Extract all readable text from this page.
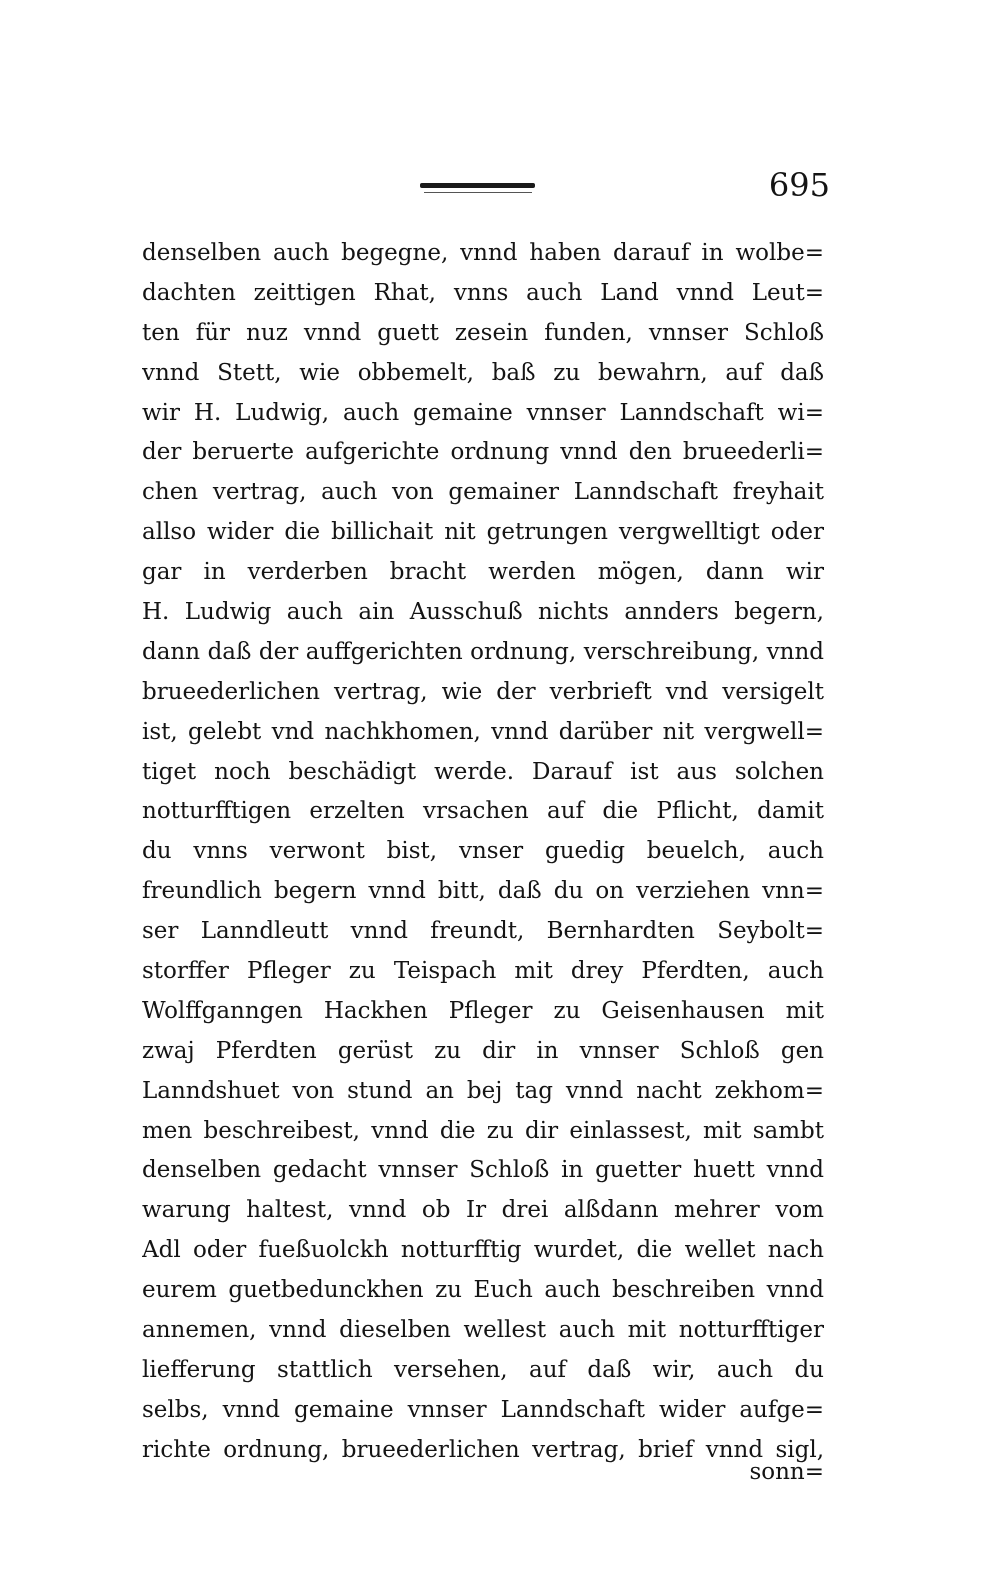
695
denselben auch begegne, vnnd haben darauf in wolbe=
dachten zeittigen Rhat, vnns auch Land vnnd Leut=
ten für nuz vnnd guett zesein funden, vnnser Schloß
vnnd Stett, wie obbemelt, baß zu bewahrn, auf daß
wir H. Ludwig, auch gemaine vnnser Lanndschaft wi=
der beruerte aufgerichte ordnung vnnd den brueederli=
chen vertrag, auch von gemainer Lanndschaft freyhait
allso wider die billichait nit getrungen vergwelltigt oder
gar in verderben bracht werden mögen, dann wir
H. Ludwig auch ain Ausschuß nichts annders begern,
dann daß der auffgerichten ordnung, verschreibung, vnnd
brueederlichen vertrag, wie der verbrieft vnd versigelt
ist, gelebt vnd nachkhomen, vnnd darüber nit vergwell=
tiget noch beschädigt werde. Darauf ist aus solchen
notturfftigen erzelten vrsachen auf die Pflicht, damit
du vnns verwont bist, vnser guedig beuelch, auch
freundlich begern vnnd bitt, daß du on verziehen vnn=
ser Lanndleutt vnnd freundt, Bernhardten Seybolt=
storffer Pfleger zu Teispach mit drey Pferdten, auch
Wolffganngen Hackhen Pfleger zu Geisenhausen mit
zwaj Pferdten gerüst zu dir in vnnser Schloß gen
Lanndshuet von stund an bej tag vnnd nacht zekhom=
men beschreibest, vnnd die zu dir einlassest, mit sambt
denselben gedacht vnnser Schloß in guetter huett vnnd
warung haltest, vnnd ob Ir drei alßdann mehrer vom
Adl oder fueßuolckh notturfftig wurdet, die wellet nach
eurem guetbedunckhen zu Euch auch beschreiben vnnd
annemen, vnnd dieselben wellest auch mit notturfftiger
liefferung stattlich versehen, auf daß wir, auch du
selbs, vnnd gemaine vnnser Lanndschaft wider aufge=
richte ordnung, brueederlichen vertrag, brief vnnd sigl,
sonn=
